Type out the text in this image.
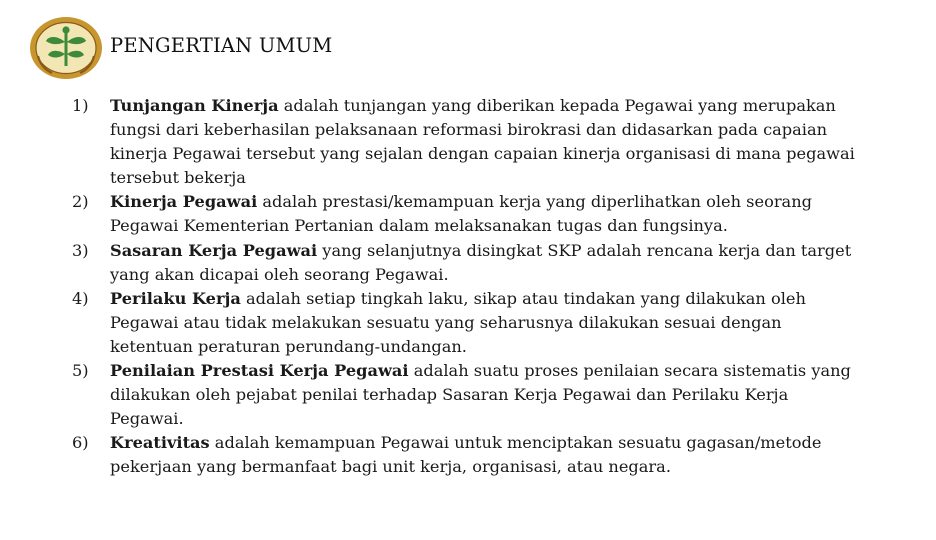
PENGERTIAN UMUM
1)	Tunjangan Kinerja adalah tunjangan yang diberikan kepada Pegawai yang merupakan fungsi dari keberhasilan pelaksanaan reformasi birokrasi dan didasarkan pada capaian kinerja Pegawai tersebut yang sejalan dengan capaian kinerja organisasi di mana pegawai tersebut bekerja
2)	Kinerja Pegawai adalah prestasi/kemampuan kerja yang diperlihatkan oleh seorang Pegawai Kementerian Pertanian dalam melaksanakan tugas dan fungsinya.
3)	Sasaran Kerja Pegawai yang selanjutnya disingkat SKP adalah rencana kerja dan target yang akan dicapai oleh seorang Pegawai.
4)	Perilaku Kerja adalah setiap tingkah laku, sikap atau tindakan yang dilakukan oleh Pegawai atau tidak melakukan sesuatu yang seharusnya dilakukan sesuai dengan ketentuan peraturan perundang-undangan.
5)	Penilaian Prestasi Kerja Pegawai adalah suatu proses penilaian secara sistematis yang dilakukan oleh pejabat penilai terhadap Sasaran Kerja Pegawai dan Perilaku Kerja Pegawai.
6)	Kreativitas adalah kemampuan Pegawai untuk menciptakan sesuatu gagasan/metode pekerjaan yang bermanfaat bagi unit kerja, organisasi, atau negara.
